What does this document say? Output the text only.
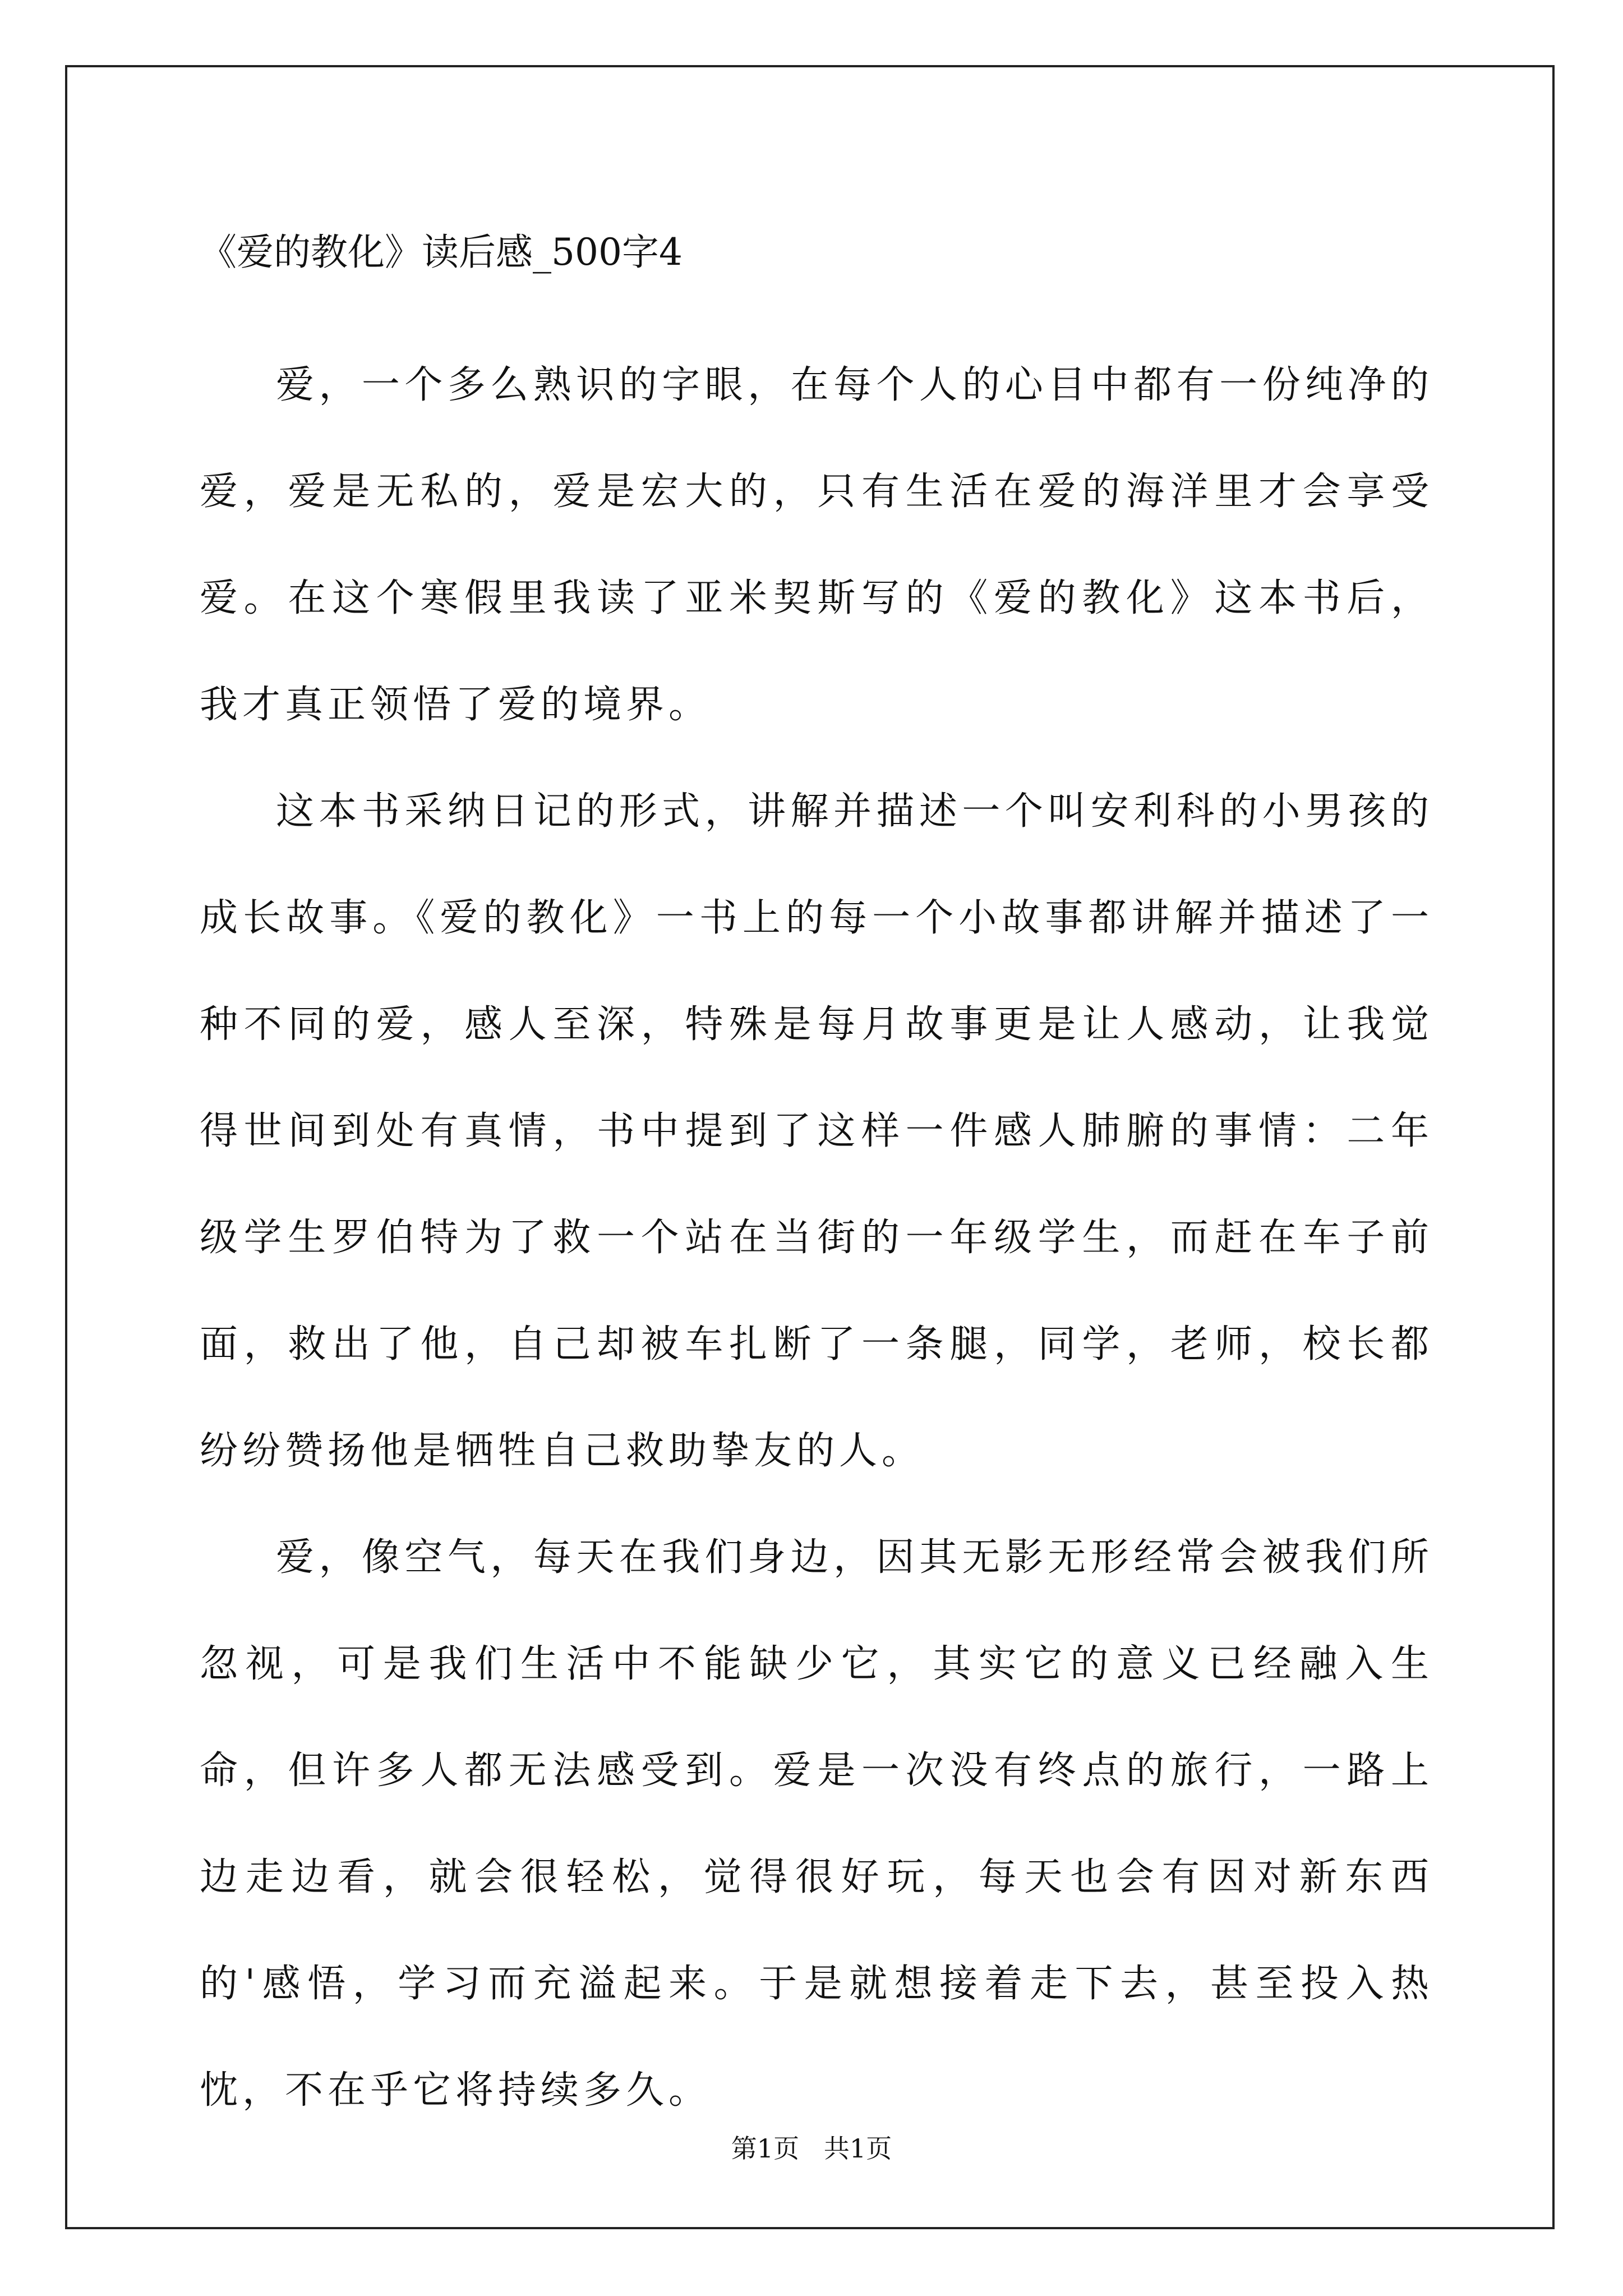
《爱的教化》读后感_500字4

爱，一个多么熟识的字眼，在每个人的心目中都有一份纯净的爱，爱是无私的，爱是宏大的，只有生活在爱的海洋里才会享受爱。在这个寒假里我读了亚米契斯写的《爱的教化》这本书后，我才真正领悟了爱的境界。

这本书采纳日记的形式，讲解并描述一个叫安利科的小男孩的成长故事。《爱的教化》一书上的每一个小故事都讲解并描述了一种不同的爱，感人至深，特殊是每月故事更是让人感动，让我觉得世间到处有真情，书中提到了这样一件感人肺腑的事情：二年级学生罗伯特为了救一个站在当街的一年级学生，而赶在车子前面，救出了他，自己却被车扎断了一条腿，同学，老师，校长都纷纷赞扬他是牺牲自己救助挚友的人。

爱，像空气，每天在我们身边，因其无影无形经常会被我们所忽视，可是我们生活中不能缺少它，其实它的意义已经融入生命，但许多人都无法感受到。爱是一次没有终点的旅行，一路上边走边看，就会很轻松，觉得很好玩，每天也会有因对新东西的'感悟，学习而充溢起来。于是就想接着走下去，甚至投入热忱，不在乎它将持续多久。

第1页   共1页
